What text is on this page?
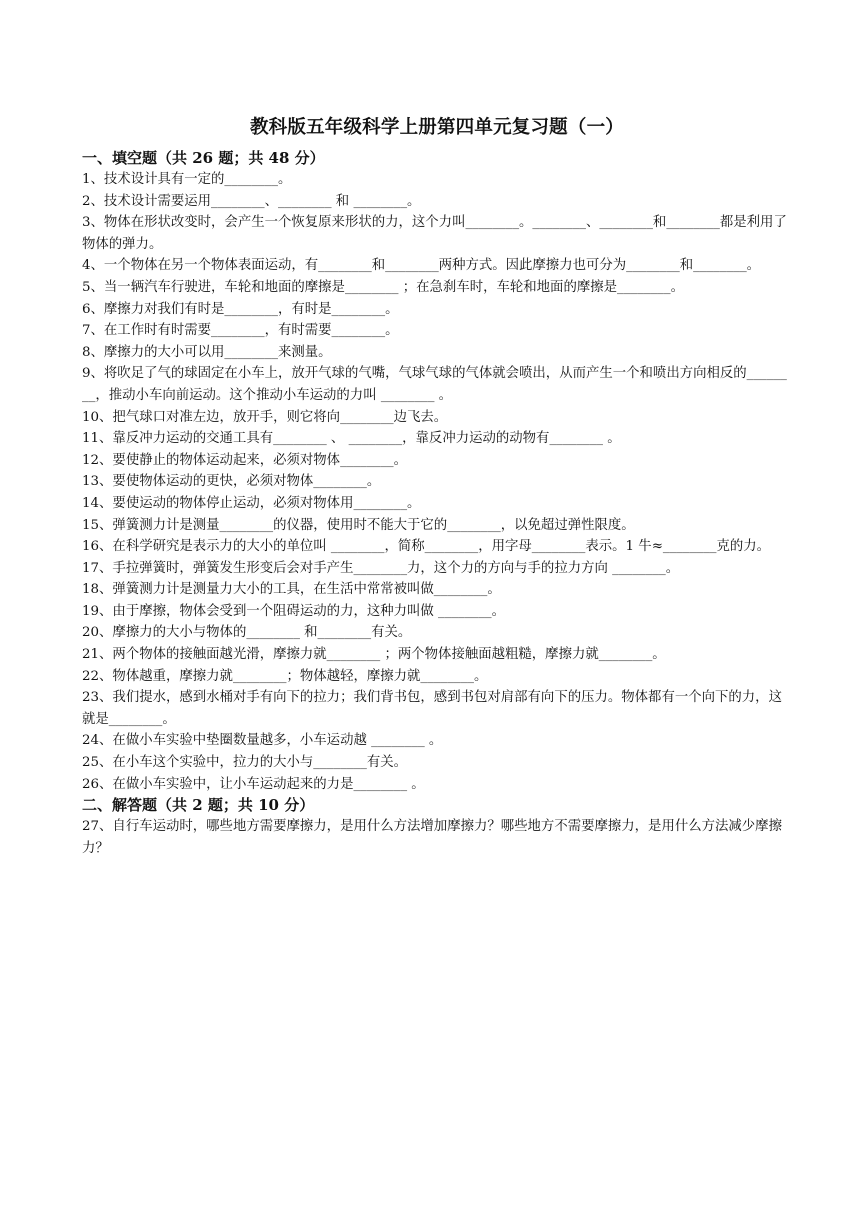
教科版五年级科学上册第四单元复习题（一）
一、填空题（共 26 题；共 48 分）
1、技术设计具有一定的________。
2、技术设计需要运用________、________ 和 ________。
3、物体在形状改变时，会产生一个恢复原来形状的力，这个力叫________。________、________和________都是利用了物体的弹力。
4、一个物体在另一个物体表面运动，有________和________两种方式。因此摩擦力也可分为________和________。
5、当一辆汽车行驶进，车轮和地面的摩擦是________ ；在急刹车时，车轮和地面的摩擦是________。
6、摩擦力对我们有时是________，有时是________。
7、在工作时有时需要________，有时需要________。
8、摩擦力的大小可以用________来测量。
9、将吹足了气的球固定在小车上，放开气球的气嘴，气球气球的气体就会喷出，从而产生一个和喷出方向相反的________，推动小车向前运动。这个推动小车运动的力叫 ________ 。
10、把气球口对准左边，放开手，则它将向________边飞去。
11、靠反冲力运动的交通工具有________ 、 ________，靠反冲力运动的动物有________ 。
12、要使静止的物体运动起来，必须对物体________。
13、要使物体运动的更快，必须对物体________。
14、要使运动的物体停止运动，必须对物体用________。
15、弹簧测力计是测量________的仪器，使用时不能大于它的________，以免超过弹性限度。
16、在科学研究是表示力的大小的单位叫 ________，简称________，用字母________表示。1 牛≈________克的力。
17、手拉弹簧时，弹簧发生形变后会对手产生________力，这个力的方向与手的拉力方向 ________。
18、弹簧测力计是测量力大小的工具，在生活中常常被叫做________。
19、由于摩擦，物体会受到一个阻碍运动的力，这种力叫做 ________。
20、摩擦力的大小与物体的________ 和________有关。
21、两个物体的接触面越光滑，摩擦力就________ ；两个物体接触面越粗糙，摩擦力就________。
22、物体越重，摩擦力就________；物体越轻，摩擦力就________。
23、我们提水，感到水桶对手有向下的拉力；我们背书包，感到书包对肩部有向下的压力。物体都有一个向下的力，这就是________。
24、在做小车实验中垫圈数量越多，小车运动越 ________ 。
25、在小车这个实验中，拉力的大小与________有关。
26、在做小车实验中，让小车运动起来的力是________ 。
二、解答题（共 2 题；共 10 分）
27、自行车运动时，哪些地方需要摩擦力，是用什么方法增加摩擦力？哪些地方不需要摩擦力，是用什么方法减少摩擦力？
